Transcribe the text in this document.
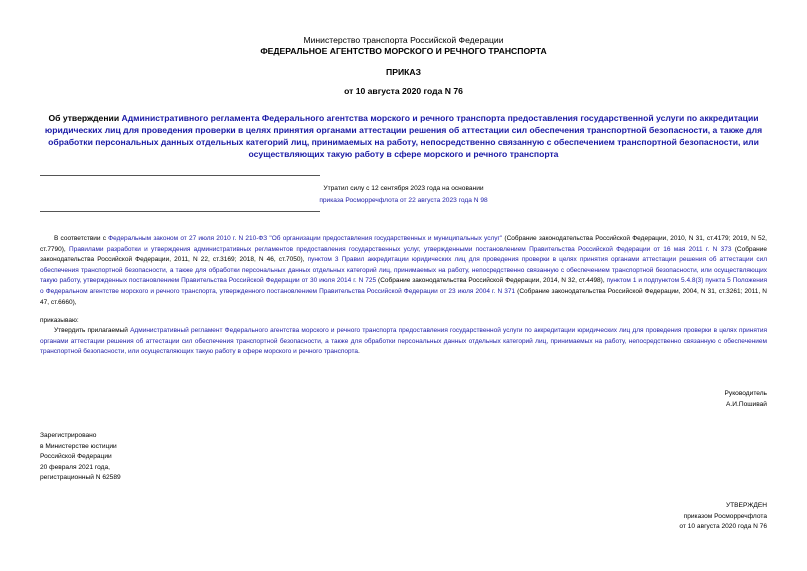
Министерство транспорта Российской Федерации
ФЕДЕРАЛЬНОЕ АГЕНТСТВО МОРСКОГО И РЕЧНОГО ТРАНСПОРТА
ПРИКАЗ
от 10 августа 2020 года N 76
Об утверждении Административного регламента Федерального агентства морского и речного транспорта предоставления государственной услуги по аккредитации юридических лиц для проведения проверки в целях принятия органами аттестации решения об аттестации сил обеспечения транспортной безопасности, а также для обработки персональных данных отдельных категорий лиц, принимаемых на работу, непосредственно связанную с обеспечением транспортной безопасности, или осуществляющих такую работу в сфере морского и речного транспорта
Утратил силу с 12 сентября 2023 года на основании
приказа Росморречфлота от 22 августа 2023 года N 98
В соответствии с Федеральным законом от 27 июля 2010 г. N 210-ФЗ "Об организации предоставления государственных и муниципальных услуг" (Собрание законодательства Российской Федерации, 2010, N 31, ст.4179; 2019, N 52, ст.7790), Правилами разработки и утверждения административных регламентов предоставления государственных услуг, утвержденными постановлением Правительства Российской Федерации от 16 мая 2011 г. N 373 (Собрание законодательства Российской Федерации, 2011, N 22, ст.3169; 2018, N 46, ст.7050), пунктом 3 Правил аккредитации юридических лиц для проведения проверки в целях принятия органами аттестации решения об аттестации сил обеспечения транспортной безопасности, а также для обработки персональных данных отдельных категорий лиц, принимаемых на работу, непосредственно связанную с обеспечением транспортной безопасности, или осуществляющих такую работу, утвержденных постановлением Правительства Российской Федерации от 30 июля 2014 г. N 725 (Собрание законодательства Российской Федерации, 2014, N 32, ст.4498), пунктом 1 и подпунктом 5.4.8(3) пункта 5 Положения о Федеральном агентстве морского и речного транспорта, утвержденного постановлением Правительства Российской Федерации от 23 июля 2004 г. N 371 (Собрание законодательства Российской Федерации, 2004, N 31, ст.3261; 2011, N 47, ст.6660),
приказываю:
Утвердить прилагаемый Административный регламент Федерального агентства морского и речного транспорта предоставления государственной услуги по аккредитации юридических лиц для проведения проверки в целях принятия органами аттестации решения об аттестации сил обеспечения транспортной безопасности, а также для обработки персональных данных отдельных категорий лиц, принимаемых на работу, непосредственно связанную с обеспечением транспортной безопасности, или осуществляющих такую работу в сфере морского и речного транспорта.
Руководитель
А.И.Пошивай
Зарегистрировано
в Министерстве юстиции
Российской Федерации
20 февраля 2021 года,
регистрационный N 62589
УТВЕРЖДЕН
приказом Росморречфлота
от 10 августа 2020 года N 76
